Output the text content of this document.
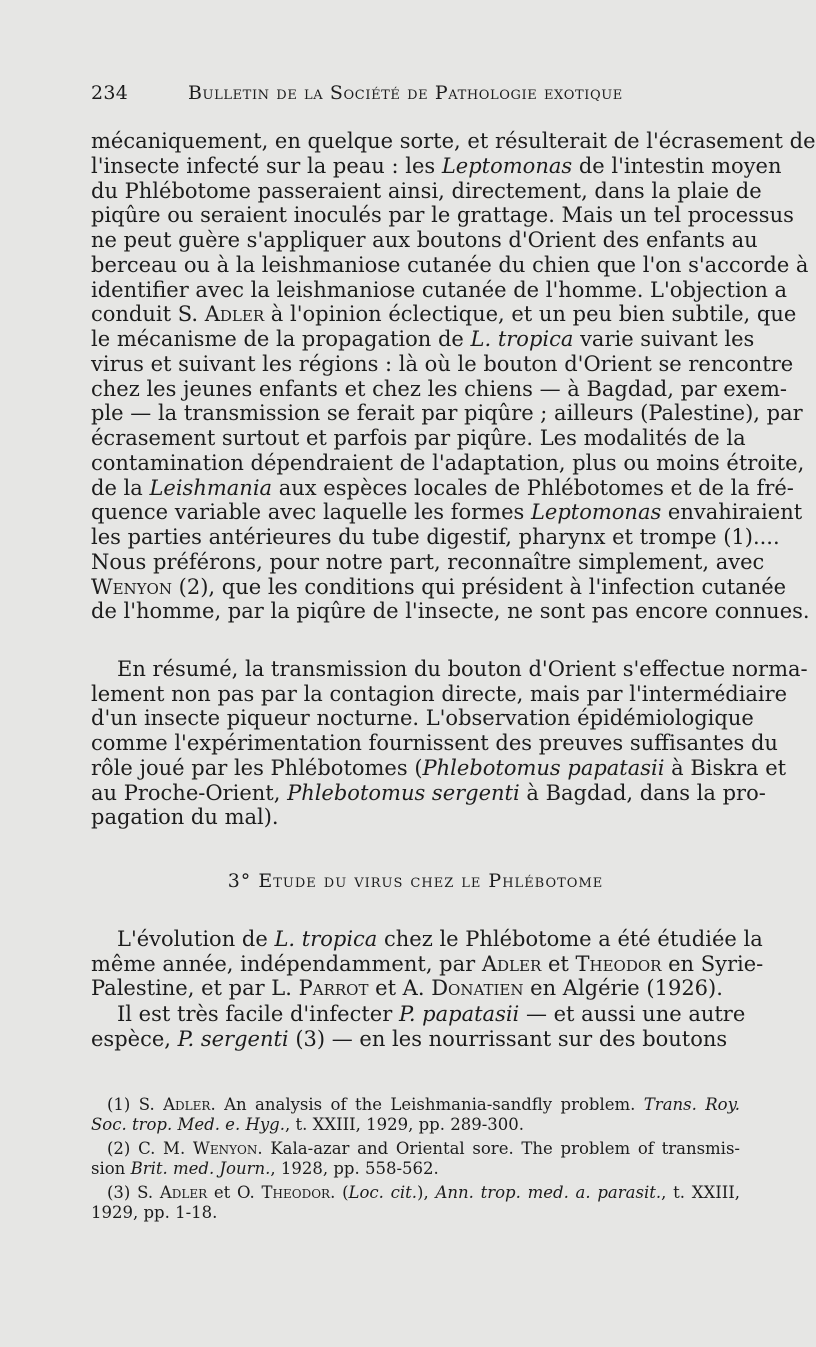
234	Bulletin de la Société de Pathologie exotique
mécaniquement, en quelque sorte, et résulterait de l'écrasement de
l'insecte infecté sur la peau : les Leptomonas de l'intestin moyen
du Phlébotome passeraient ainsi, directement, dans la plaie de
piqûre ou seraient inoculés par le grattage. Mais un tel processus
ne peut guère s'appliquer aux boutons d'Orient des enfants au
berceau ou à la leishmaniose cutanée du chien que l'on s'accorde à
identifier avec la leishmaniose cutanée de l'homme. L'objection a
conduit S. Adler à l'opinion éclectique, et un peu bien subtile, que
le mécanisme de la propagation de L. tropica varie suivant les
virus et suivant les régions : là où le bouton d'Orient se rencontre
chez les jeunes enfants et chez les chiens — à Bagdad, par exem-
ple — la transmission se ferait par piqûre ; ailleurs (Palestine), par
écrasement surtout et parfois par piqûre. Les modalités de la
contamination dépendraient de l'adaptation, plus ou moins étroite,
de la Leishmania aux espèces locales de Phlébotomes et de la fré-
quence variable avec laquelle les formes Leptomonas envahiraient
les parties antérieures du tube digestif, pharynx et trompe (1)....
Nous préférons, pour notre part, reconnaître simplement, avec
Wenyon (2), que les conditions qui président à l'infection cutanée
de l'homme, par la piqûre de l'insecte, ne sont pas encore connues.
En résumé, la transmission du bouton d'Orient s'effectue norma-
lement non pas par la contagion directe, mais par l'intermédiaire
d'un insecte piqueur nocturne. L'observation épidémiologique
comme l'expérimentation fournissent des preuves suffisantes du
rôle joué par les Phlébotomes (Phlebotomus papatasii à Biskra et
au Proche-Orient, Phlebotomus sergenti à Bagdad, dans la pro-
pagation du mal).
3° Etude du virus chez le Phlébotome
L'évolution de L. tropica chez le Phlébotome a été étudiée la
même année, indépendamment, par Adler et Theodor en Syrie-
Palestine, et par L. Parrot et A. Donatien en Algérie (1926).
Il est très facile d'infecter P. papatasii — et aussi une autre
espèce, P. sergenti (3) — en les nourrissant sur des boutons
(1) S. Adler. An analysis of the Leishmania-sandfly problem. Trans. Roy.
Soc. trop. Med. e. Hyg., t. XXIII, 1929, pp. 289-300.
(2) C. M. Wenyon. Kala-azar and Oriental sore. The problem of transmis-
sion Brit. med. Journ., 1928, pp. 558-562.
(3) S. Adler et O. Theodor. (Loc. cit.), Ann. trop. med. a. parasit., t. XXIII,
1929, pp. 1-18.
